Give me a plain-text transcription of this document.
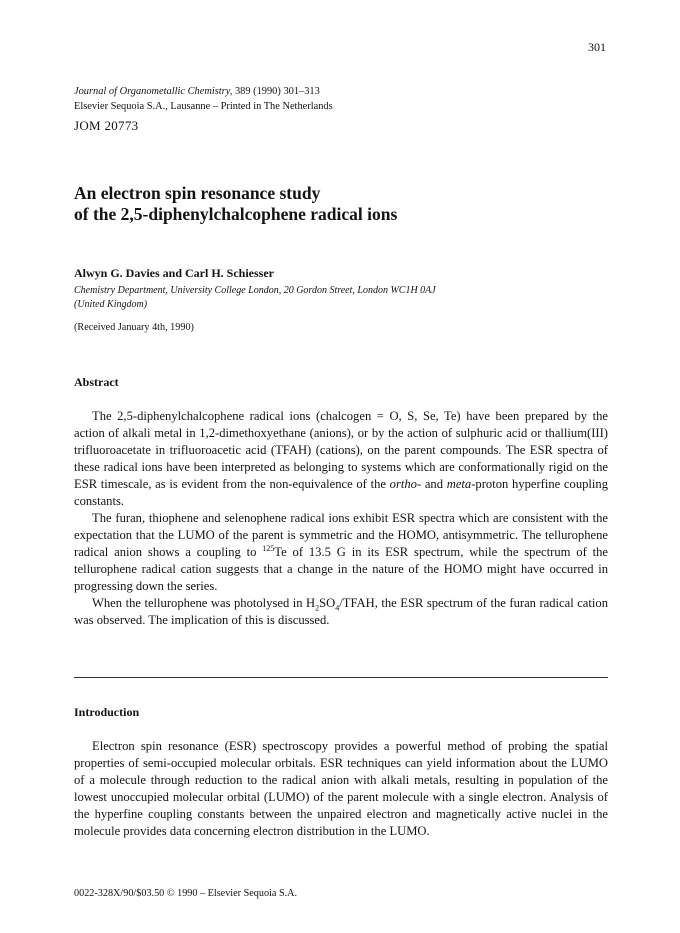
301
Journal of Organometallic Chemistry, 389 (1990) 301–313
Elsevier Sequoia S.A., Lausanne – Printed in The Netherlands
JOM 20773
An electron spin resonance study
of the 2,5-diphenylchalcophene radical ions
Alwyn G. Davies and Carl H. Schiesser
Chemistry Department, University College London, 20 Gordon Street, London WC1H 0AJ
(United Kingdom)
(Received January 4th, 1990)
Abstract

The 2,5-diphenylchalcophene radical ions (chalcogen = O, S, Se, Te) have been prepared by the action of alkali metal in 1,2-dimethoxyethane (anions), or by the action of sulphuric acid or thallium(III) trifluoroacetate in trifluoroacetic acid (TFAH) (cations), on the parent compounds. The ESR spectra of these radical ions have been interpreted as belonging to systems which are conformationally rigid on the ESR timescale, as is evident from the non-equivalence of the ortho- and meta-proton hyperfine coupling constants.

The furan, thiophene and selenophene radical ions exhibit ESR spectra which are consistent with the expectation that the LUMO of the parent is symmetric and the HOMO, antisymmetric. The tellurophene radical anion shows a coupling to $^{125}$Te of 13.5 G in its ESR spectrum, while the spectrum of the tellurophene radical cation suggests that a change in the nature of the HOMO might have occurred in progressing down the series.

When the tellurophene was photolysed in $H_2SO_4$/TFAH, the ESR spectrum of the furan radical cation was observed. The implication of this is discussed.

Introduction

Electron spin resonance (ESR) spectroscopy provides a powerful method of probing the spatial properties of semi-occupied molecular orbitals. ESR techniques can yield information about the LUMO of a molecule through reduction to the radical anion with alkali metals, resulting in population of the lowest unoccupied molecular orbital (LUMO) of the parent molecule with a single electron. Analysis of the hyperfine coupling constants between the unpaired electron and magnetically active nuclei in the molecule provides data concerning electron distribution in the LUMO.

0022-328X/90/$03.50 © 1990 – Elsevier Sequoia S.A.
